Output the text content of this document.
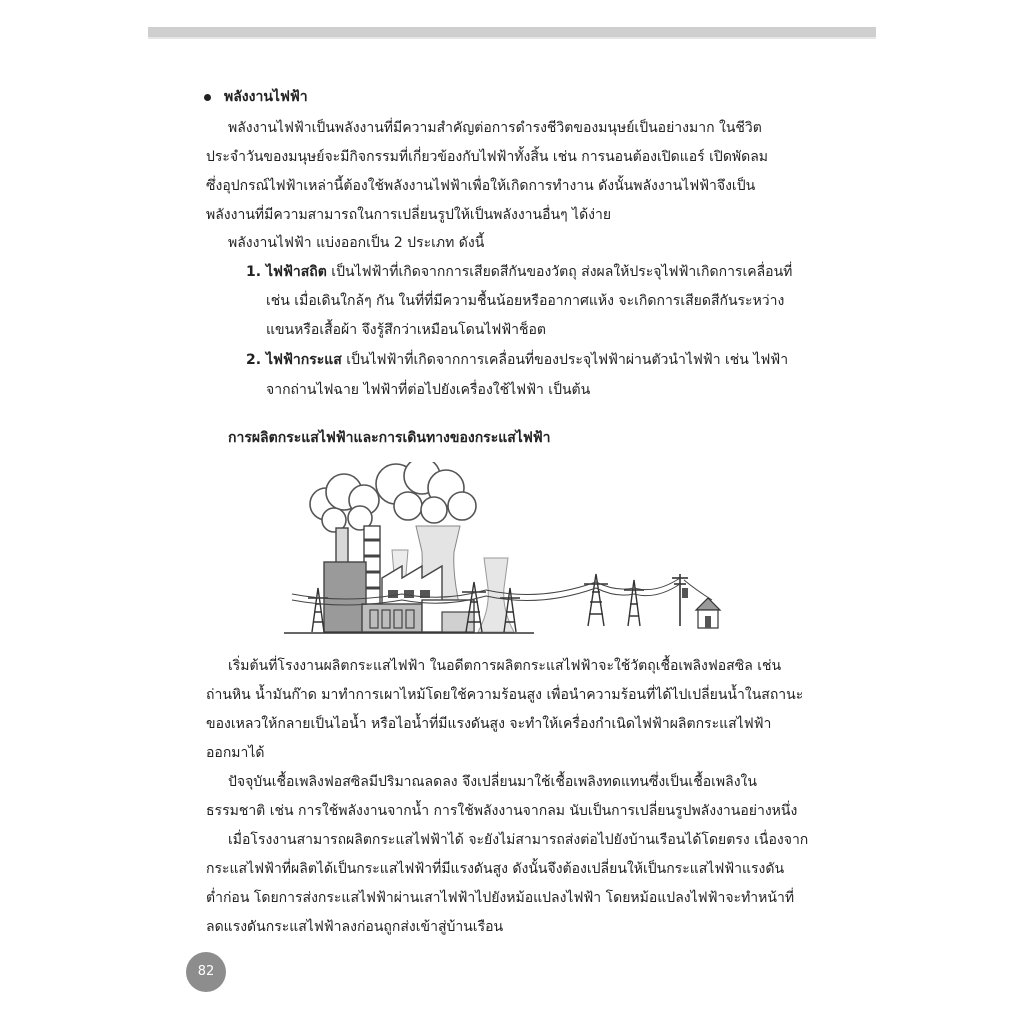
พลังงานไฟฟ้า
พลังงานไฟฟ้าเป็นพลังงานที่มีความสำคัญต่อการดำรงชีวิตของมนุษย์เป็นอย่างมาก ในชีวิต
ประจำวันของมนุษย์จะมีกิจกรรมที่เกี่ยวข้องกับไฟฟ้าทั้งสิ้น เช่น การนอนต้องเปิดแอร์ เปิดพัดลม
ซึ่งอุปกรณ์ไฟฟ้าเหล่านี้ต้องใช้พลังงานไฟฟ้าเพื่อให้เกิดการทำงาน ดังนั้นพลังงานไฟฟ้าจึงเป็น
พลังงานที่มีความสามารถในการเปลี่ยนรูปให้เป็นพลังงานอื่นๆ ได้ง่าย
พลังงานไฟฟ้า แบ่งออกเป็น 2 ประเภท ดังนี้
1. ไฟฟ้าสถิต เป็นไฟฟ้าที่เกิดจากการเสียดสีกันของวัตถุ ส่งผลให้ประจุไฟฟ้าเกิดการเคลื่อนที่
เช่น เมื่อเดินใกล้ๆ กัน ในที่ที่มีความชื้นน้อยหรืออากาศแห้ง จะเกิดการเสียดสีกันระหว่าง
แขนหรือเสื้อผ้า จึงรู้สึกว่าเหมือนโดนไฟฟ้าช็อต
2. ไฟฟ้ากระแส เป็นไฟฟ้าที่เกิดจากการเคลื่อนที่ของประจุไฟฟ้าผ่านตัวนำไฟฟ้า เช่น ไฟฟ้า
จากถ่านไฟฉาย ไฟฟ้าที่ต่อไปยังเครื่องใช้ไฟฟ้า เป็นต้น
การผลิตกระแสไฟฟ้าและการเดินทางของกระแสไฟฟ้า
เริ่มต้นที่โรงงานผลิตกระแสไฟฟ้า ในอดีตการผลิตกระแสไฟฟ้าจะใช้วัตถุเชื้อเพลิงฟอสซิล เช่น
ถ่านหิน น้ำมันก๊าด มาทำการเผาไหม้โดยใช้ความร้อนสูง เพื่อนำความร้อนที่ได้ไปเปลี่ยนน้ำในสถานะ
ของเหลวให้กลายเป็นไอน้ำ หรือไอน้ำที่มีแรงดันสูง จะทำให้เครื่องกำเนิดไฟฟ้าผลิตกระแสไฟฟ้า
ออกมาได้
ปัจจุบันเชื้อเพลิงฟอสซิลมีปริมาณลดลง จึงเปลี่ยนมาใช้เชื้อเพลิงทดแทนซึ่งเป็นเชื้อเพลิงใน
ธรรมชาติ เช่น การใช้พลังงานจากน้ำ การใช้พลังงานจากลม นับเป็นการเปลี่ยนรูปพลังงานอย่างหนึ่ง
เมื่อโรงงานสามารถผลิตกระแสไฟฟ้าได้ จะยังไม่สามารถส่งต่อไปยังบ้านเรือนได้โดยตรง เนื่องจาก
กระแสไฟฟ้าที่ผลิตได้เป็นกระแสไฟฟ้าที่มีแรงดันสูง ดังนั้นจึงต้องเปลี่ยนให้เป็นกระแสไฟฟ้าแรงดัน
ต่ำก่อน โดยการส่งกระแสไฟฟ้าผ่านเสาไฟฟ้าไปยังหม้อแปลงไฟฟ้า โดยหม้อแปลงไฟฟ้าจะทำหน้าที่
ลดแรงดันกระแสไฟฟ้าลงก่อนถูกส่งเข้าสู่บ้านเรือน
82
